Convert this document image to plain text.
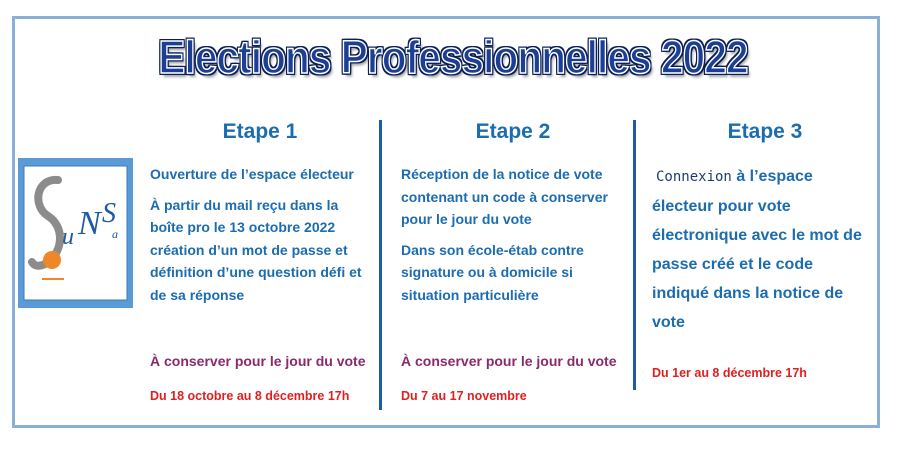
Elections Professionnelles 2022
u N S
a
Etape 1

Ouverture de l’espace électeur

À partir du mail reçu dans la boîte pro le 13 octobre 2022 création d’un mot de passe et définition d’une question défi et de sa réponse

À conserver pour le jour du vote
Du 18 octobre au 8 décembre 17h
Etape 2

Réception de la notice de vote contenant un code à conserver pour le jour du vote

Dans son école-étab contre signature ou à domicile si situation particulière

À conserver pour le jour du vote
Du 7 au 17 novembre
Etape 3
Connexion à l’espace électeur pour vote électronique avec le mot de passe créé et le code indiqué dans la notice de vote
Du 1er au 8 décembre 17h
